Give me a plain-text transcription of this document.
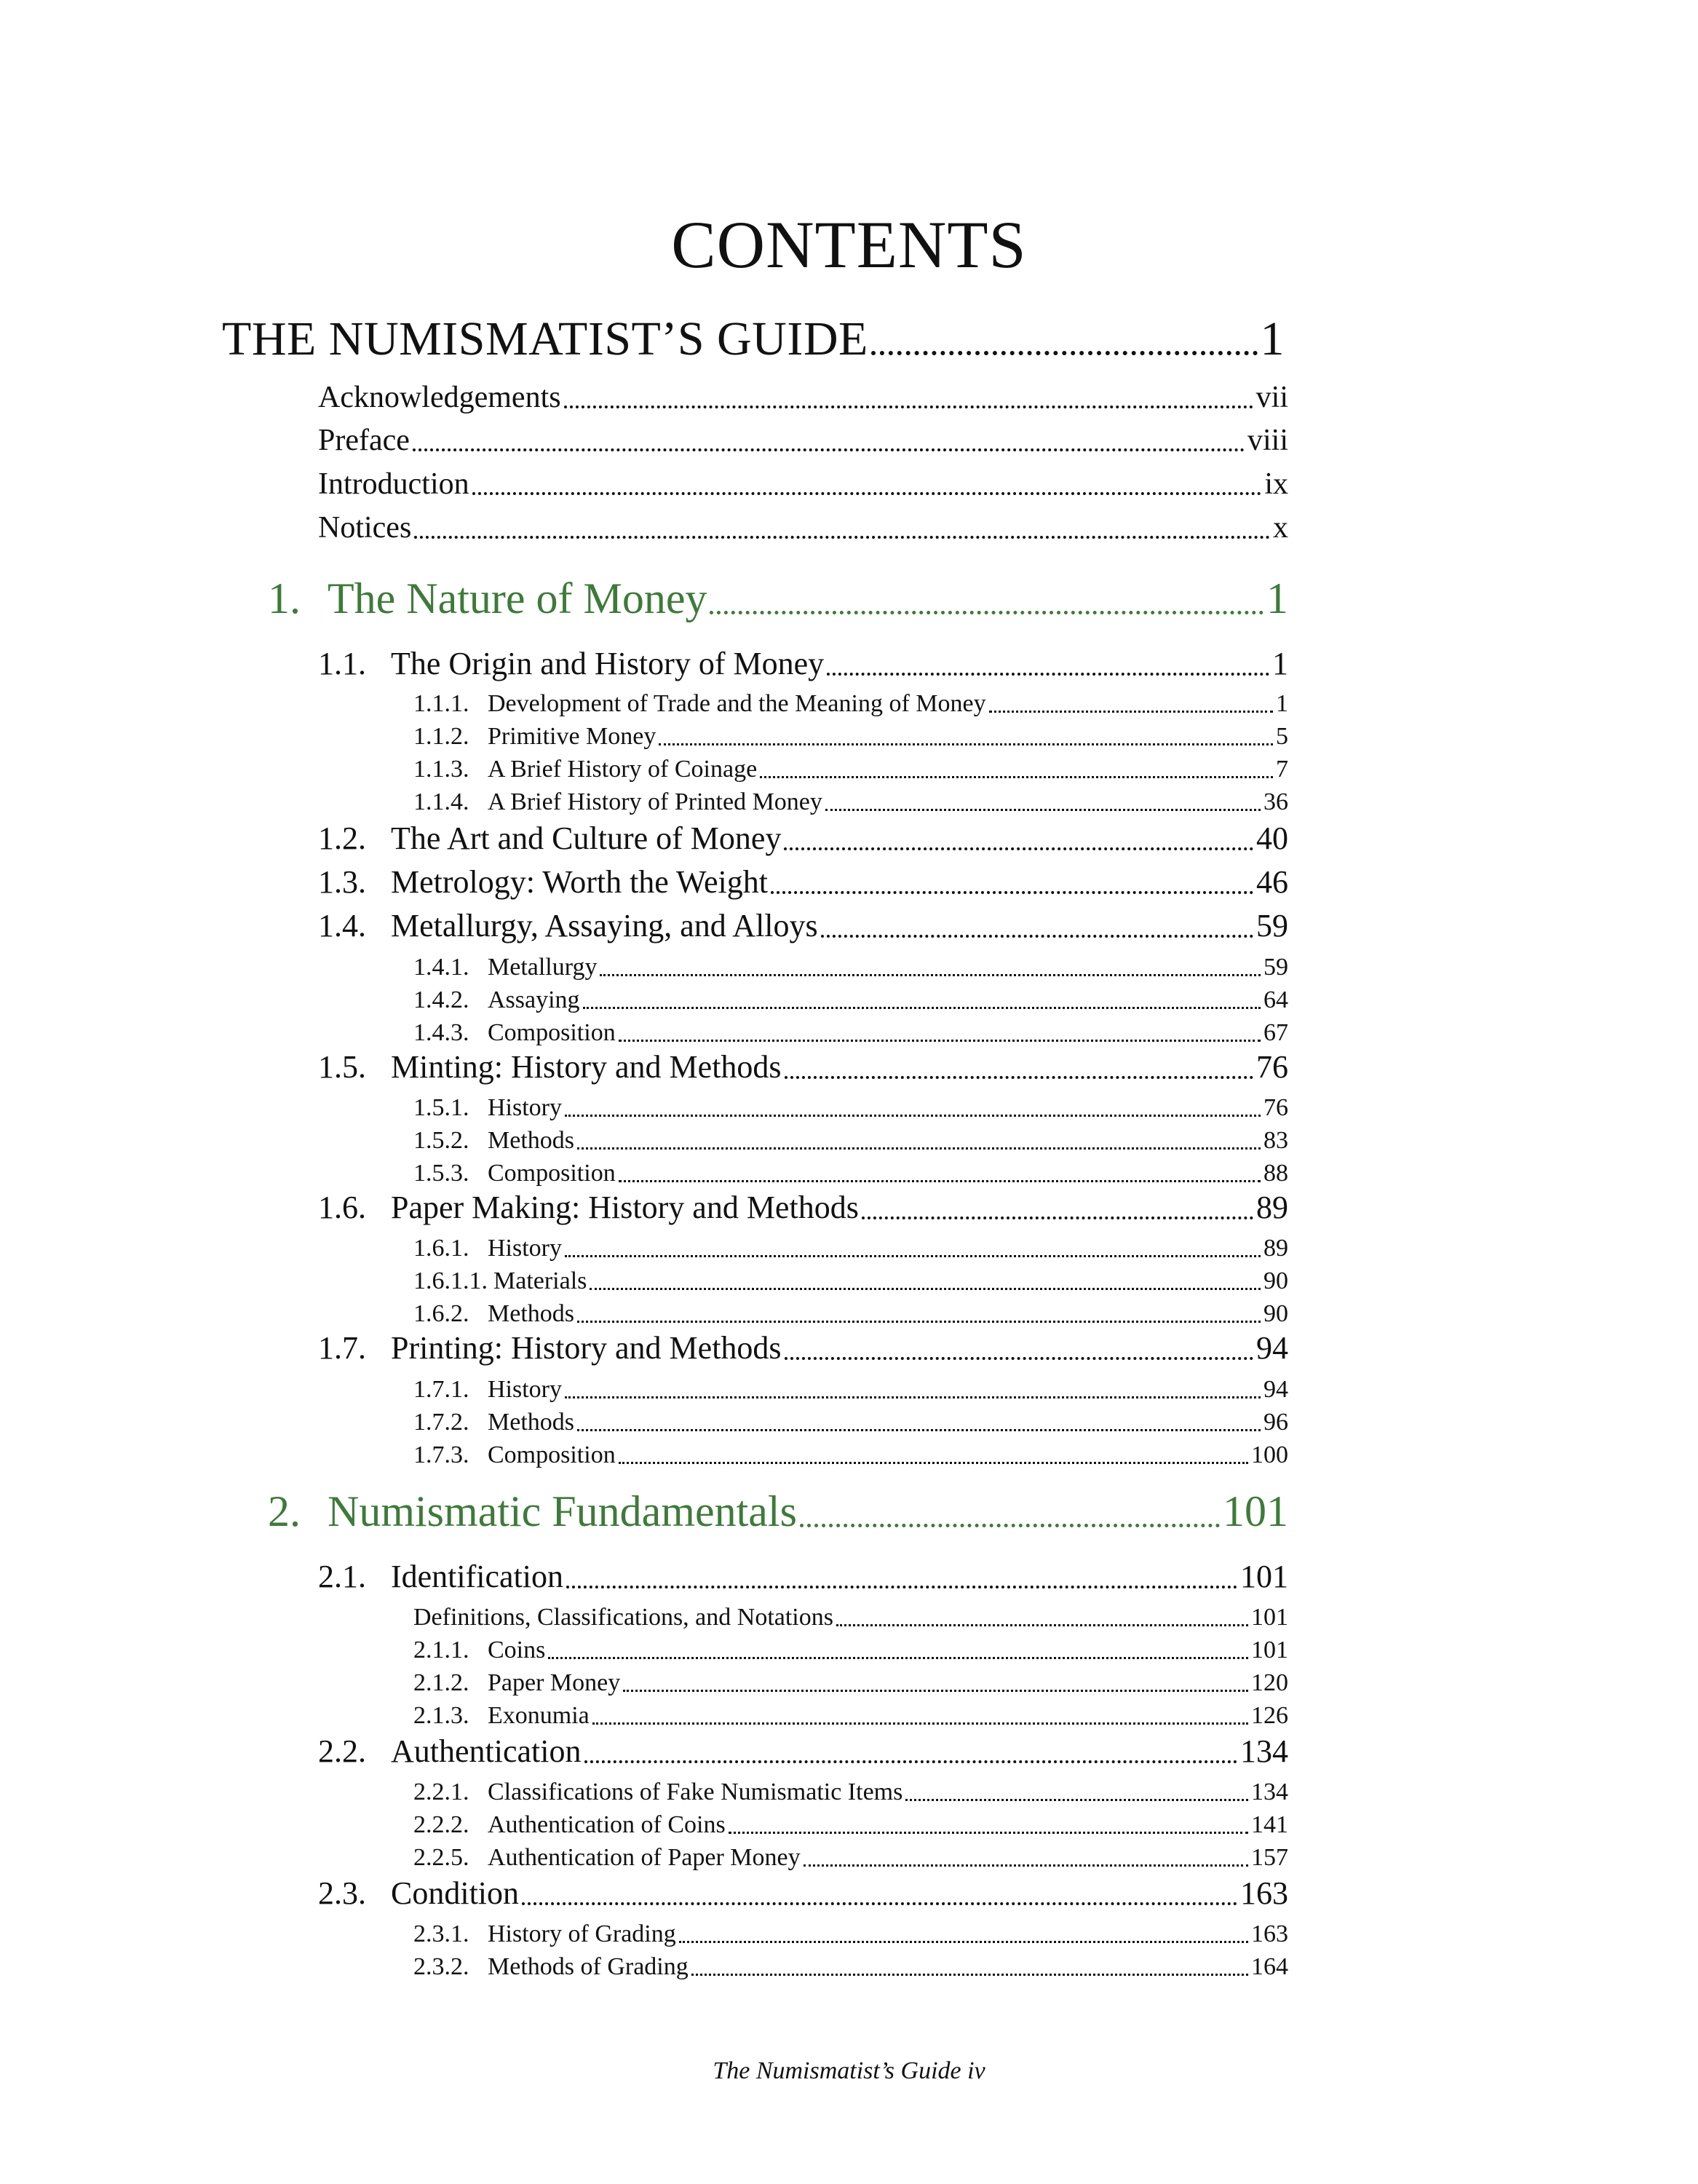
CONTENTS
THE NUMISMATIST’S GUIDE	1
Acknowledgements	vii
Preface	viii
Introduction	ix
Notices	x
1. The Nature of Money	1
1.1. The Origin and History of Money	1
1.1.1. Development of Trade and the Meaning of Money	1
1.1.2. Primitive Money	5
1.1.3. A Brief History of Coinage	7
1.1.4. A Brief History of Printed Money	36
1.2. The Art and Culture of Money	40
1.3. Metrology: Worth the Weight	46
1.4. Metallurgy, Assaying, and Alloys	59
1.4.1. Metallurgy	59
1.4.2. Assaying	64
1.4.3. Composition	67
1.5. Minting: History and Methods	76
1.5.1. History	76
1.5.2. Methods	83
1.5.3. Composition	88
1.6. Paper Making: History and Methods	89
1.6.1. History	89
1.6.1.1. Materials	90
1.6.2. Methods	90
1.7. Printing: History and Methods	94
1.7.1. History	94
1.7.2. Methods	96
1.7.3. Composition	100
2. Numismatic Fundamentals	101
2.1. Identification	101
Definitions, Classifications, and Notations	101
2.1.1. Coins	101
2.1.2. Paper Money	120
2.1.3. Exonumia	126
2.2. Authentication	134
2.2.1. Classifications of Fake Numismatic Items	134
2.2.2. Authentication of Coins	141
2.2.5. Authentication of Paper Money	157
2.3. Condition	163
2.3.1. History of Grading	163
2.3.2. Methods of Grading	164
The Numismatist’s Guide iv
